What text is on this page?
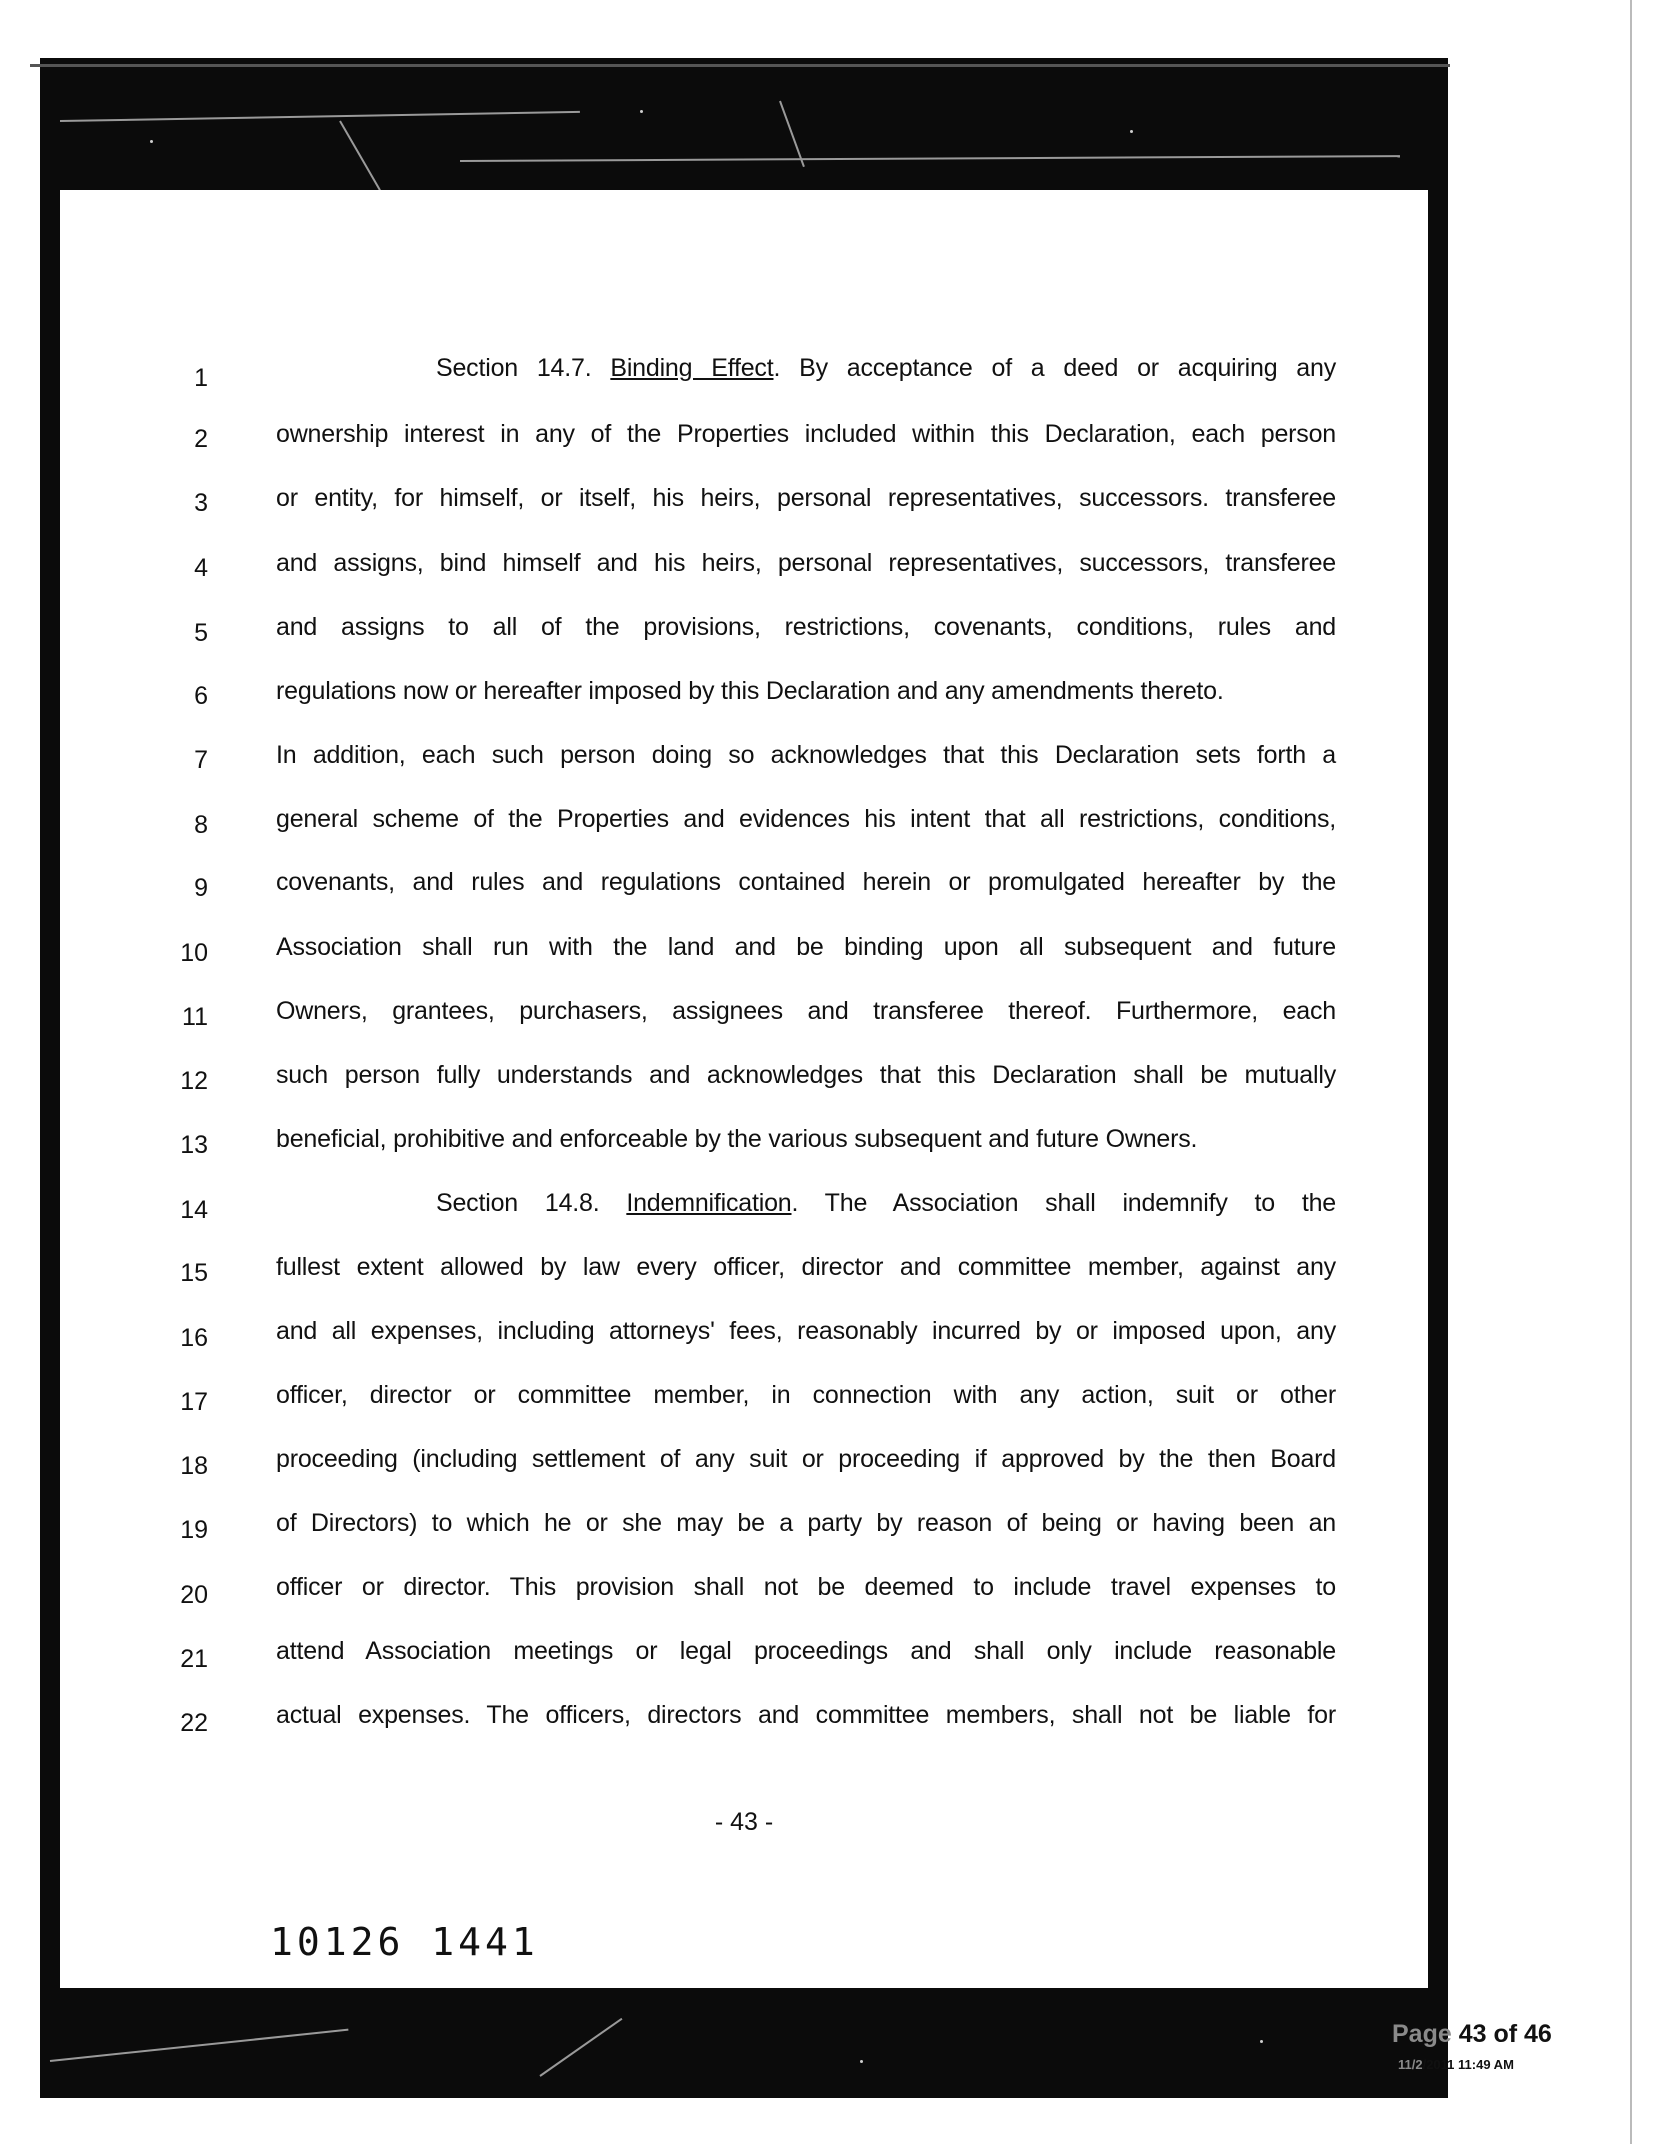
1	Section 14.7. Binding Effect. By acceptance of a deed or acquiring any
2	ownership interest in any of the Properties included within this Declaration, each person
3	or entity, for himself, or itself, his heirs, personal representatives, successors. transferee
4	and assigns, bind himself and his heirs, personal representatives, successors, transferee
5	and assigns to all of the provisions, restrictions, covenants, conditions, rules and
6	regulations now or hereafter imposed by this Declaration and any amendments thereto.
7	In addition, each such person doing so acknowledges that this Declaration sets forth a
8	general scheme of the Properties and evidences his intent that all restrictions, conditions,
9	covenants, and rules and regulations contained herein or promulgated hereafter by the
10	Association shall run with the land and be binding upon all subsequent and future
11	Owners, grantees, purchasers, assignees and transferee thereof. Furthermore, each
12	such person fully understands and acknowledges that this Declaration shall be mutually
13	beneficial, prohibitive and enforceable by the various subsequent and future Owners.
14	Section 14.8. Indemnification. The Association shall indemnify to the
15	fullest extent allowed by law every officer, director and committee member, against any
16	and all expenses, including attorneys' fees, reasonably incurred by or imposed upon, any
17	officer, director or committee member, in connection with any action, suit or other
18	proceeding (including settlement of any suit or proceeding if approved by the then Board
19	of Directors) to which he or she may be a party by reason of being or having been an
20	officer or director. This provision shall not be deemed to include travel expenses to
21	attend Association meetings or legal proceedings and shall only include reasonable
22	actual expenses. The officers, directors and committee members, shall not be liable for
- 43 -
10126 1441
Page 43 of 46
11/2/2011 11:49 AM
